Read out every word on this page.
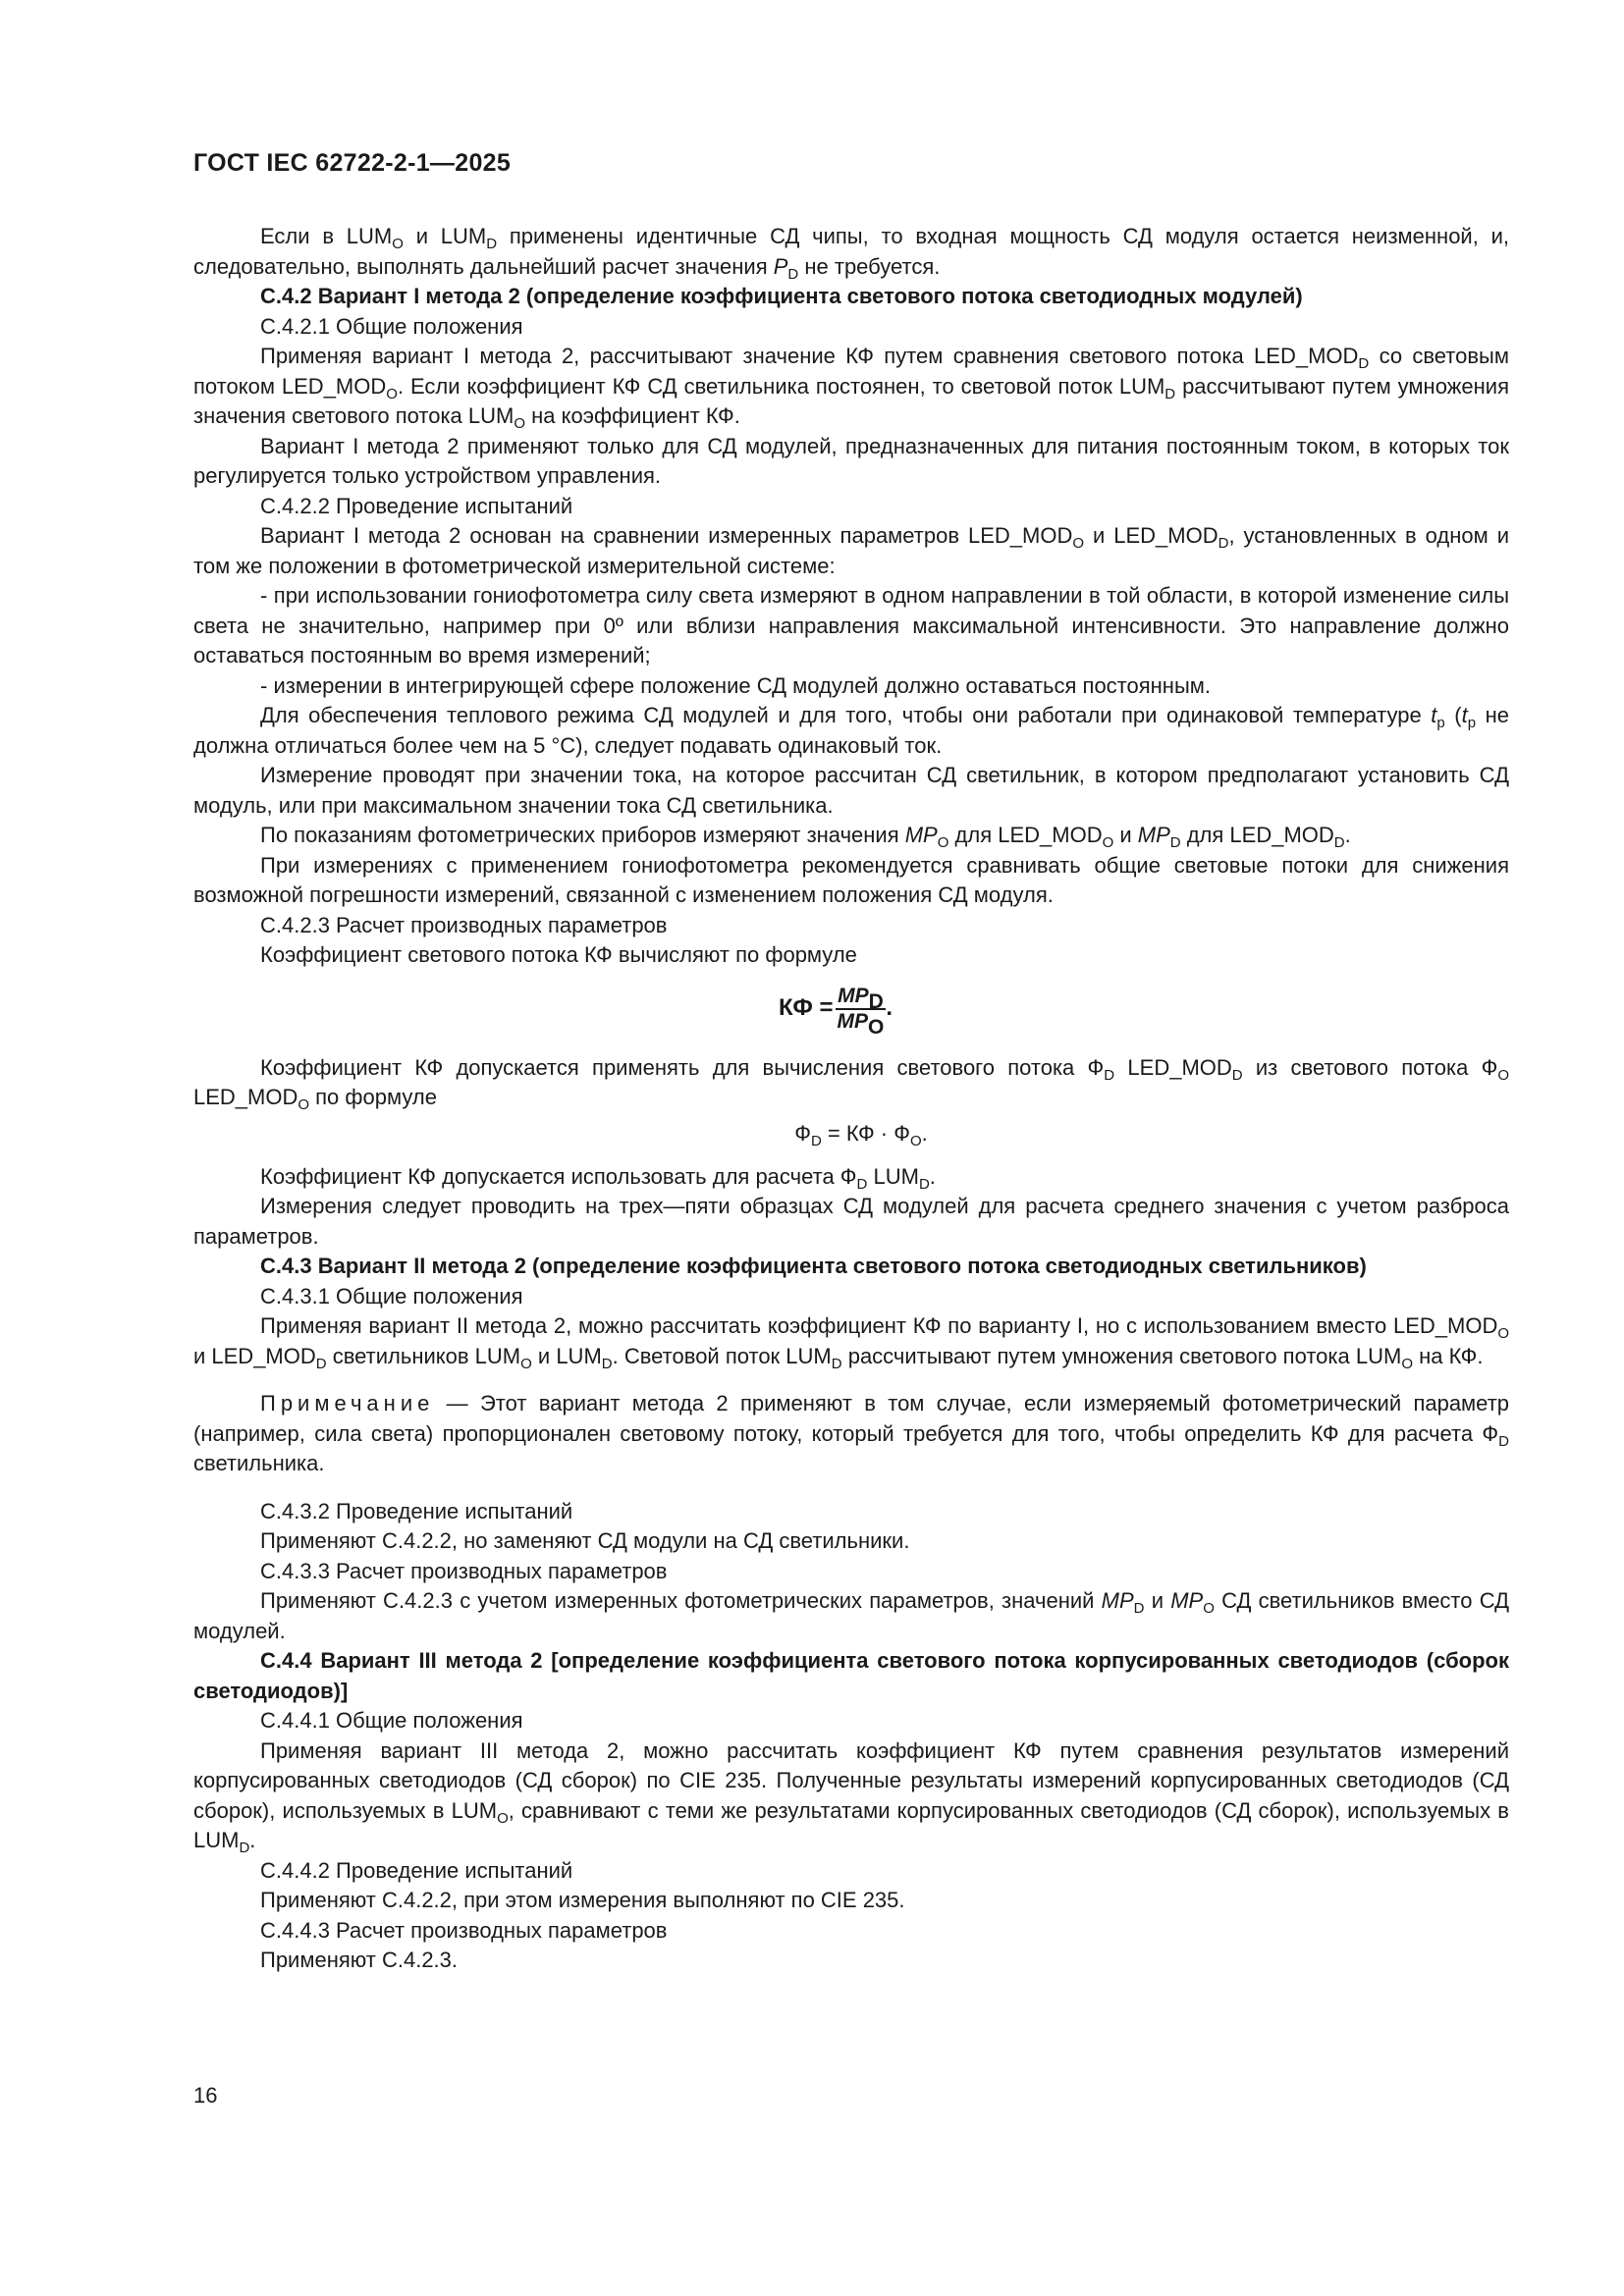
ГОСТ IEC 62722-2-1—2025

Если в $LUM_O$ и $LUM_D$ применены идентичные СД чипы, то входная мощность СД модуля остается неизменной, и, следовательно, выполнять дальнейший расчет значения $P_D$ не требуется.

С.4.2 Вариант I метода 2 (определение коэффициента светового потока светодиодных модулей)

С.4.2.1 Общие положения

Применяя вариант I метода 2, рассчитывают значение КФ путем сравнения светового потока $LED\_MOD_D$ со световым потоком $LED\_MOD_O$. Если коэффициент КФ СД светильника постоянен, то световой поток $LUM_D$ рассчитывают путем умножения значения светового потока $LUM_O$ на коэффициент КФ.

Вариант I метода 2 применяют только для СД модулей, предназначенных для питания постоянным током, в которых ток регулируется только устройством управления.

С.4.2.2 Проведение испытаний

Вариант I метода 2 основан на сравнении измеренных параметров $LED\_MOD_O$ и $LED\_MOD_D$, установленных в одном и том же положении в фотометрической измерительной системе:

- при использовании гониофотометра силу света измеряют в одном направлении в той области, в которой изменение силы света не значительно, например при 0º или вблизи направления максимальной интенсивности. Это направление должно оставаться постоянным во время измерений;

- измерении в интегрирующей сфере положение СД модулей должно оставаться постоянным.

Для обеспечения теплового режима СД модулей и для того, чтобы они работали при одинаковой температуре $t_p$ ($t_p$ не должна отличаться более чем на 5 °С), следует подавать одинаковый ток.

Измерение проводят при значении тока, на которое рассчитан СД светильник, в котором предполагают установить СД модуль, или при максимальном значении тока СД светильника.

По показаниям фотометрических приборов измеряют значения $MP_O$ для $LED\_MOD_O$ и $MP_D$ для $LED\_MOD_D$.

При измерениях с применением гониофотометра рекомендуется сравнивать общие световые потоки для снижения возможной погрешности измерений, связанной с изменением положения СД модуля.

С.4.2.3 Расчет производных параметров

Коэффициент светового потока КФ вычисляют по формуле

КФ = $\frac{\text{MPD}}{\text{MPO}}$ .

Коэффициент КФ допускается применять для вычисления светового потока $Ф_D$ $LED\_MOD_D$ из светового потока $Ф_O$ $LED\_MOD_O$ по формуле

$Ф_D$ = КФ · $Ф_O$.

Коэффициент КФ допускается использовать для расчета $Ф_D$ $LUM_D$.

Измерения следует проводить на трех—пяти образцах СД модулей для расчета среднего значения с учетом разброса параметров.

С.4.3 Вариант II метода 2 (определение коэффициента светового потока светодиодных светильников)

С.4.3.1 Общие положения

Применяя вариант II метода 2, можно рассчитать коэффициент КФ по варианту I, но с использованием вместо $LED\_MOD_O$ и $LED\_MOD_D$ светильников $LUM_O$ и $LUM_D$. Световой поток $LUM_D$ рассчитывают путем умножения светового потока $LUM_O$ на КФ.

Примечание — Этот вариант метода 2 применяют в том случае, если измеряемый фотометрический параметр (например, сила света) пропорционален световому потоку, который требуется для того, чтобы определить КФ для расчета $Ф_D$ светильника.

С.4.3.2 Проведение испытаний

Применяют С.4.2.2, но заменяют СД модули на СД светильники.

С.4.3.3 Расчет производных параметров

Применяют С.4.2.3 с учетом измеренных фотометрических параметров, значений $MP_D$ и $MP_O$ СД светильников вместо СД модулей.

С.4.4 Вариант III метода 2 [определение коэффициента светового потока корпусированных светодиодов (сборок светодиодов)]

С.4.4.1 Общие положения

Применяя вариант III метода 2, можно рассчитать коэффициент КФ путем сравнения результатов измерений корпусированных светодиодов (СД сборок) по CIE 235. Полученные результаты измерений корпусированных светодиодов (СД сборок), используемых в $LUM_O$, сравнивают с теми же результатами корпусированных светодиодов (СД сборок), используемых в $LUM_D$.

С.4.4.2 Проведение испытаний

Применяют С.4.2.2, при этом измерения выполняют по CIE 235.

С.4.4.3 Расчет производных параметров

Применяют С.4.2.3.

16
